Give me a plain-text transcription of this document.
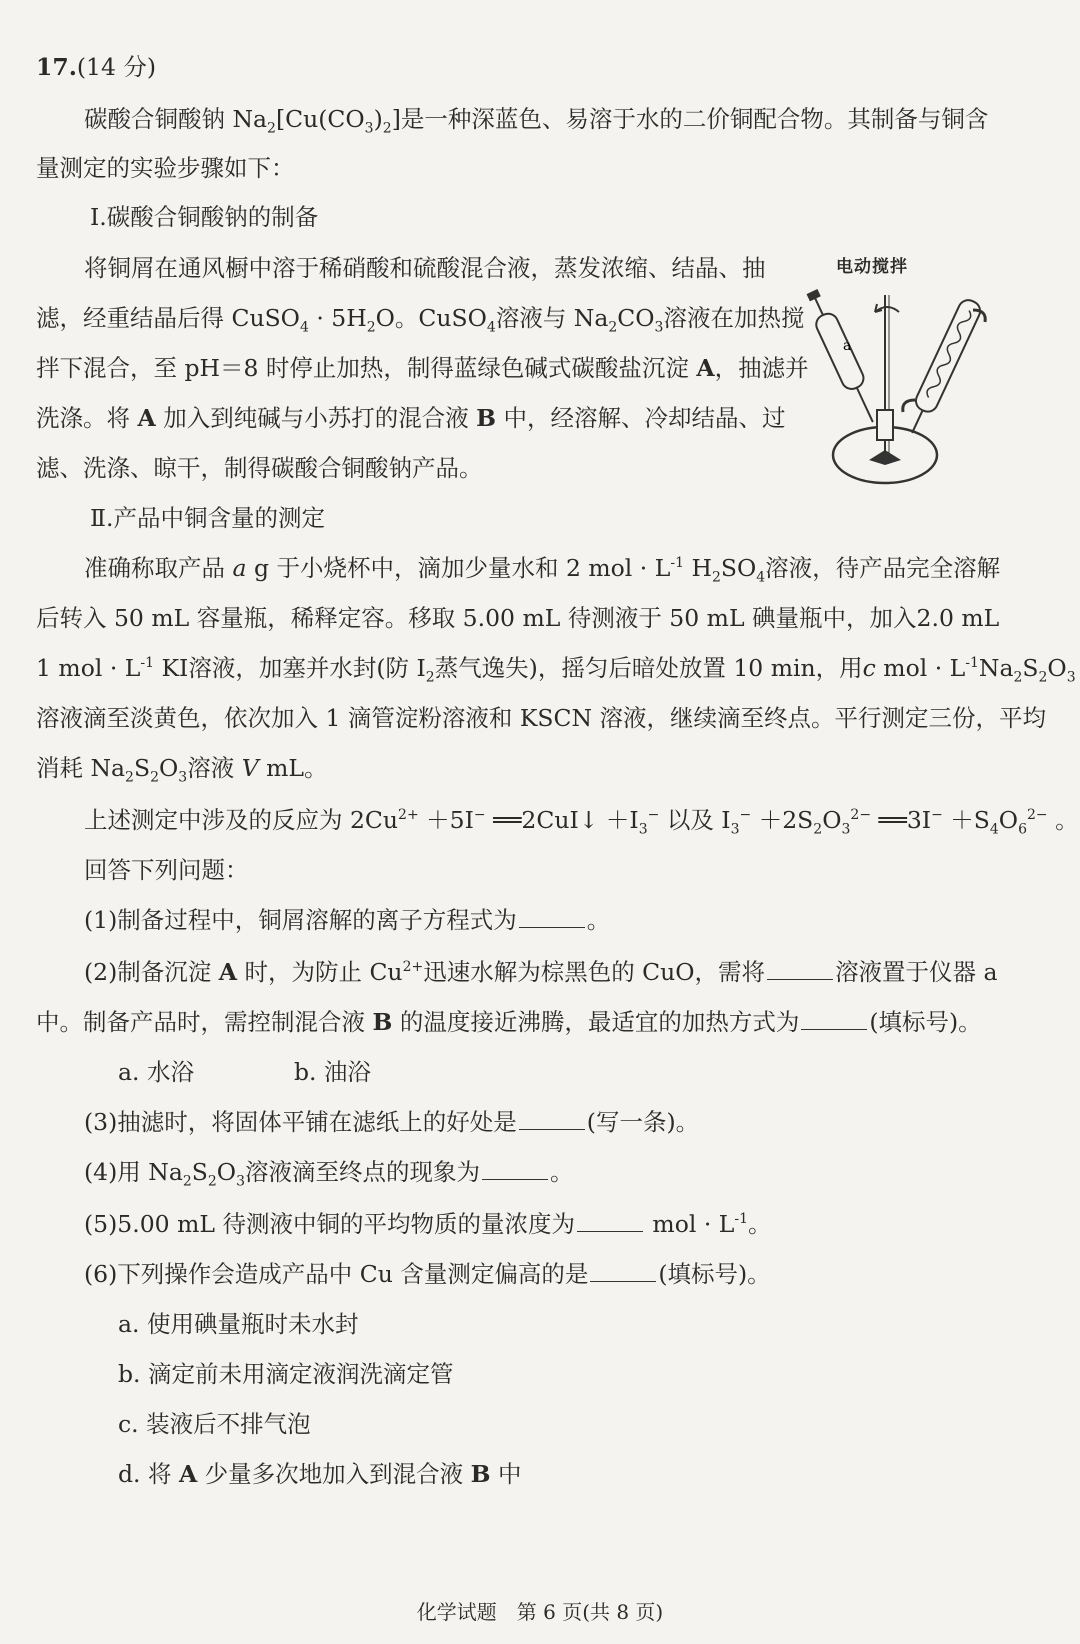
17.(14 分)
碳酸合铜酸钠 $Na_2[Cu(CO_3)_2]$是一种深蓝色、易溶于水的二价铜配合物。其制备与铜含
量测定的实验步骤如下：
Ⅰ.碳酸合铜酸钠的制备
将铜屑在通风橱中溶于稀硝酸和硫酸混合液，蒸发浓缩、结晶、抽
滤，经重结晶后得 CuSO$_4$ · $5H_2O$。CuSO$_4$溶液与 $Na_2CO_3$溶液在加热搅
拌下混合，至 pH＝8 时停止加热，制得蓝绿色碱式碳酸盐沉淀 A，抽滤并
洗涤。将 A 加入到纯碱与小苏打的混合液 B 中，经溶解、冷却结晶、过
滤、洗涤、晾干，制得碳酸合铜酸钠产品。
电动搅拌
a
Ⅱ.产品中铜含量的测定
准确称取产品 a g 于小烧杯中，滴加少量水和 2 mol · $L^{-1}$ $H_2SO_4$溶液，待产品完全溶解
后转入 50 mL 容量瓶，稀释定容。移取 5.00 mL 待测液于 50 mL 碘量瓶中，加入2.0 mL
1 mol · $L^{-1}$ KI溶液，加塞并水封(防 $I_2$蒸气逸失)，摇匀后暗处放置 10 min，用c mol · $L^{-1}Na_2S_2O_3$
溶液滴至淡黄色，依次加入 1 滴管淀粉溶液和 KSCN 溶液，继续滴至终点。平行测定三份，平均
消耗 $Na_2S_2O_3$溶液 V mL。
上述测定中涉及的反应为 $2Cu^{2+} +5I^-$ ══2CuI↓ $+I_3^-$ 以及 $I_3^- +2S_2O_3^{2-}$ ══3I− $+S_4O_6^{2-}$ 。
回答下列问题：
(1)制备过程中，铜屑溶解的离子方程式为	。
(2)制备沉淀 A 时，为防止 $Cu^{2+}$迅速水解为棕黑色的 CuO，需将	溶液置于仪器 a
中。制备产品时，需控制混合液 B 的温度接近沸腾，最适宜的加热方式为	(填标号)。
a. 水浴	b. 油浴
(3)抽滤时，将固体平铺在滤纸上的好处是	(写一条)。
(4)用 $Na_2S_2O_3$溶液滴至终点的现象为	。
(5)5.00 mL 待测液中铜的平均物质的量浓度为	mol · $L^{-1}$。
(6)下列操作会造成产品中 Cu 含量测定偏高的是	(填标号)。
a. 使用碘量瓶时未水封
b. 滴定前未用滴定液润洗滴定管
c. 装液后不排气泡
d. 将 A 少量多次地加入到混合液 B 中
化学试题　第 6 页(共 8 页)
